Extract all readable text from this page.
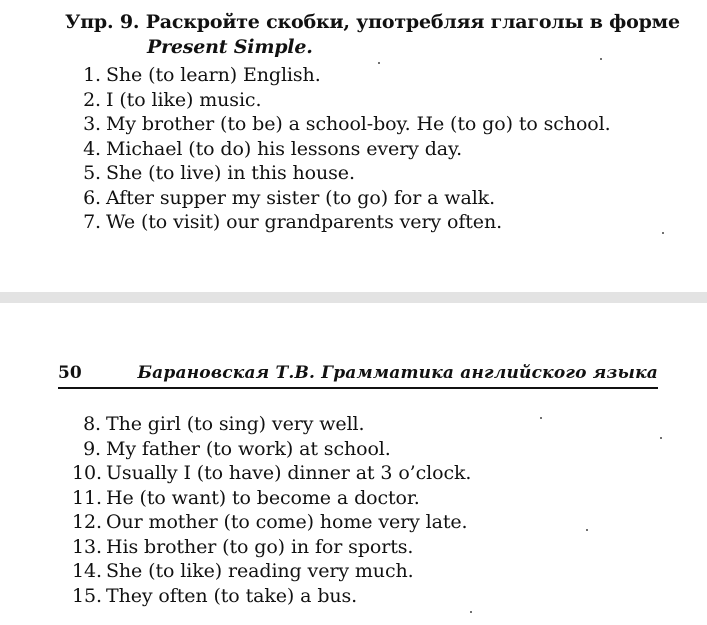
Упр. 9. Раскройте скобки, употребляя глаголы в форме
Present Simple.
1. She (to learn) English.
2. I (to like) music.
3. My brother (to be) a school-boy. He (to go) to school.
4. Michael (to do) his lessons every day.
5. She (to live) in this house.
6. After supper my sister (to go) for a walk.
7. We (to visit) our grandparents very often.
50	Барановская Т.В. Грамматика английского языка
8. The girl (to sing) very well.
9. My father (to work) at school.
10. Usually I (to have) dinner at 3 o’clock.
11. He (to want) to become a doctor.
12. Our mother (to come) home very late.
13. His brother (to go) in for sports.
14. She (to like) reading very much.
15. They often (to take) a bus.
